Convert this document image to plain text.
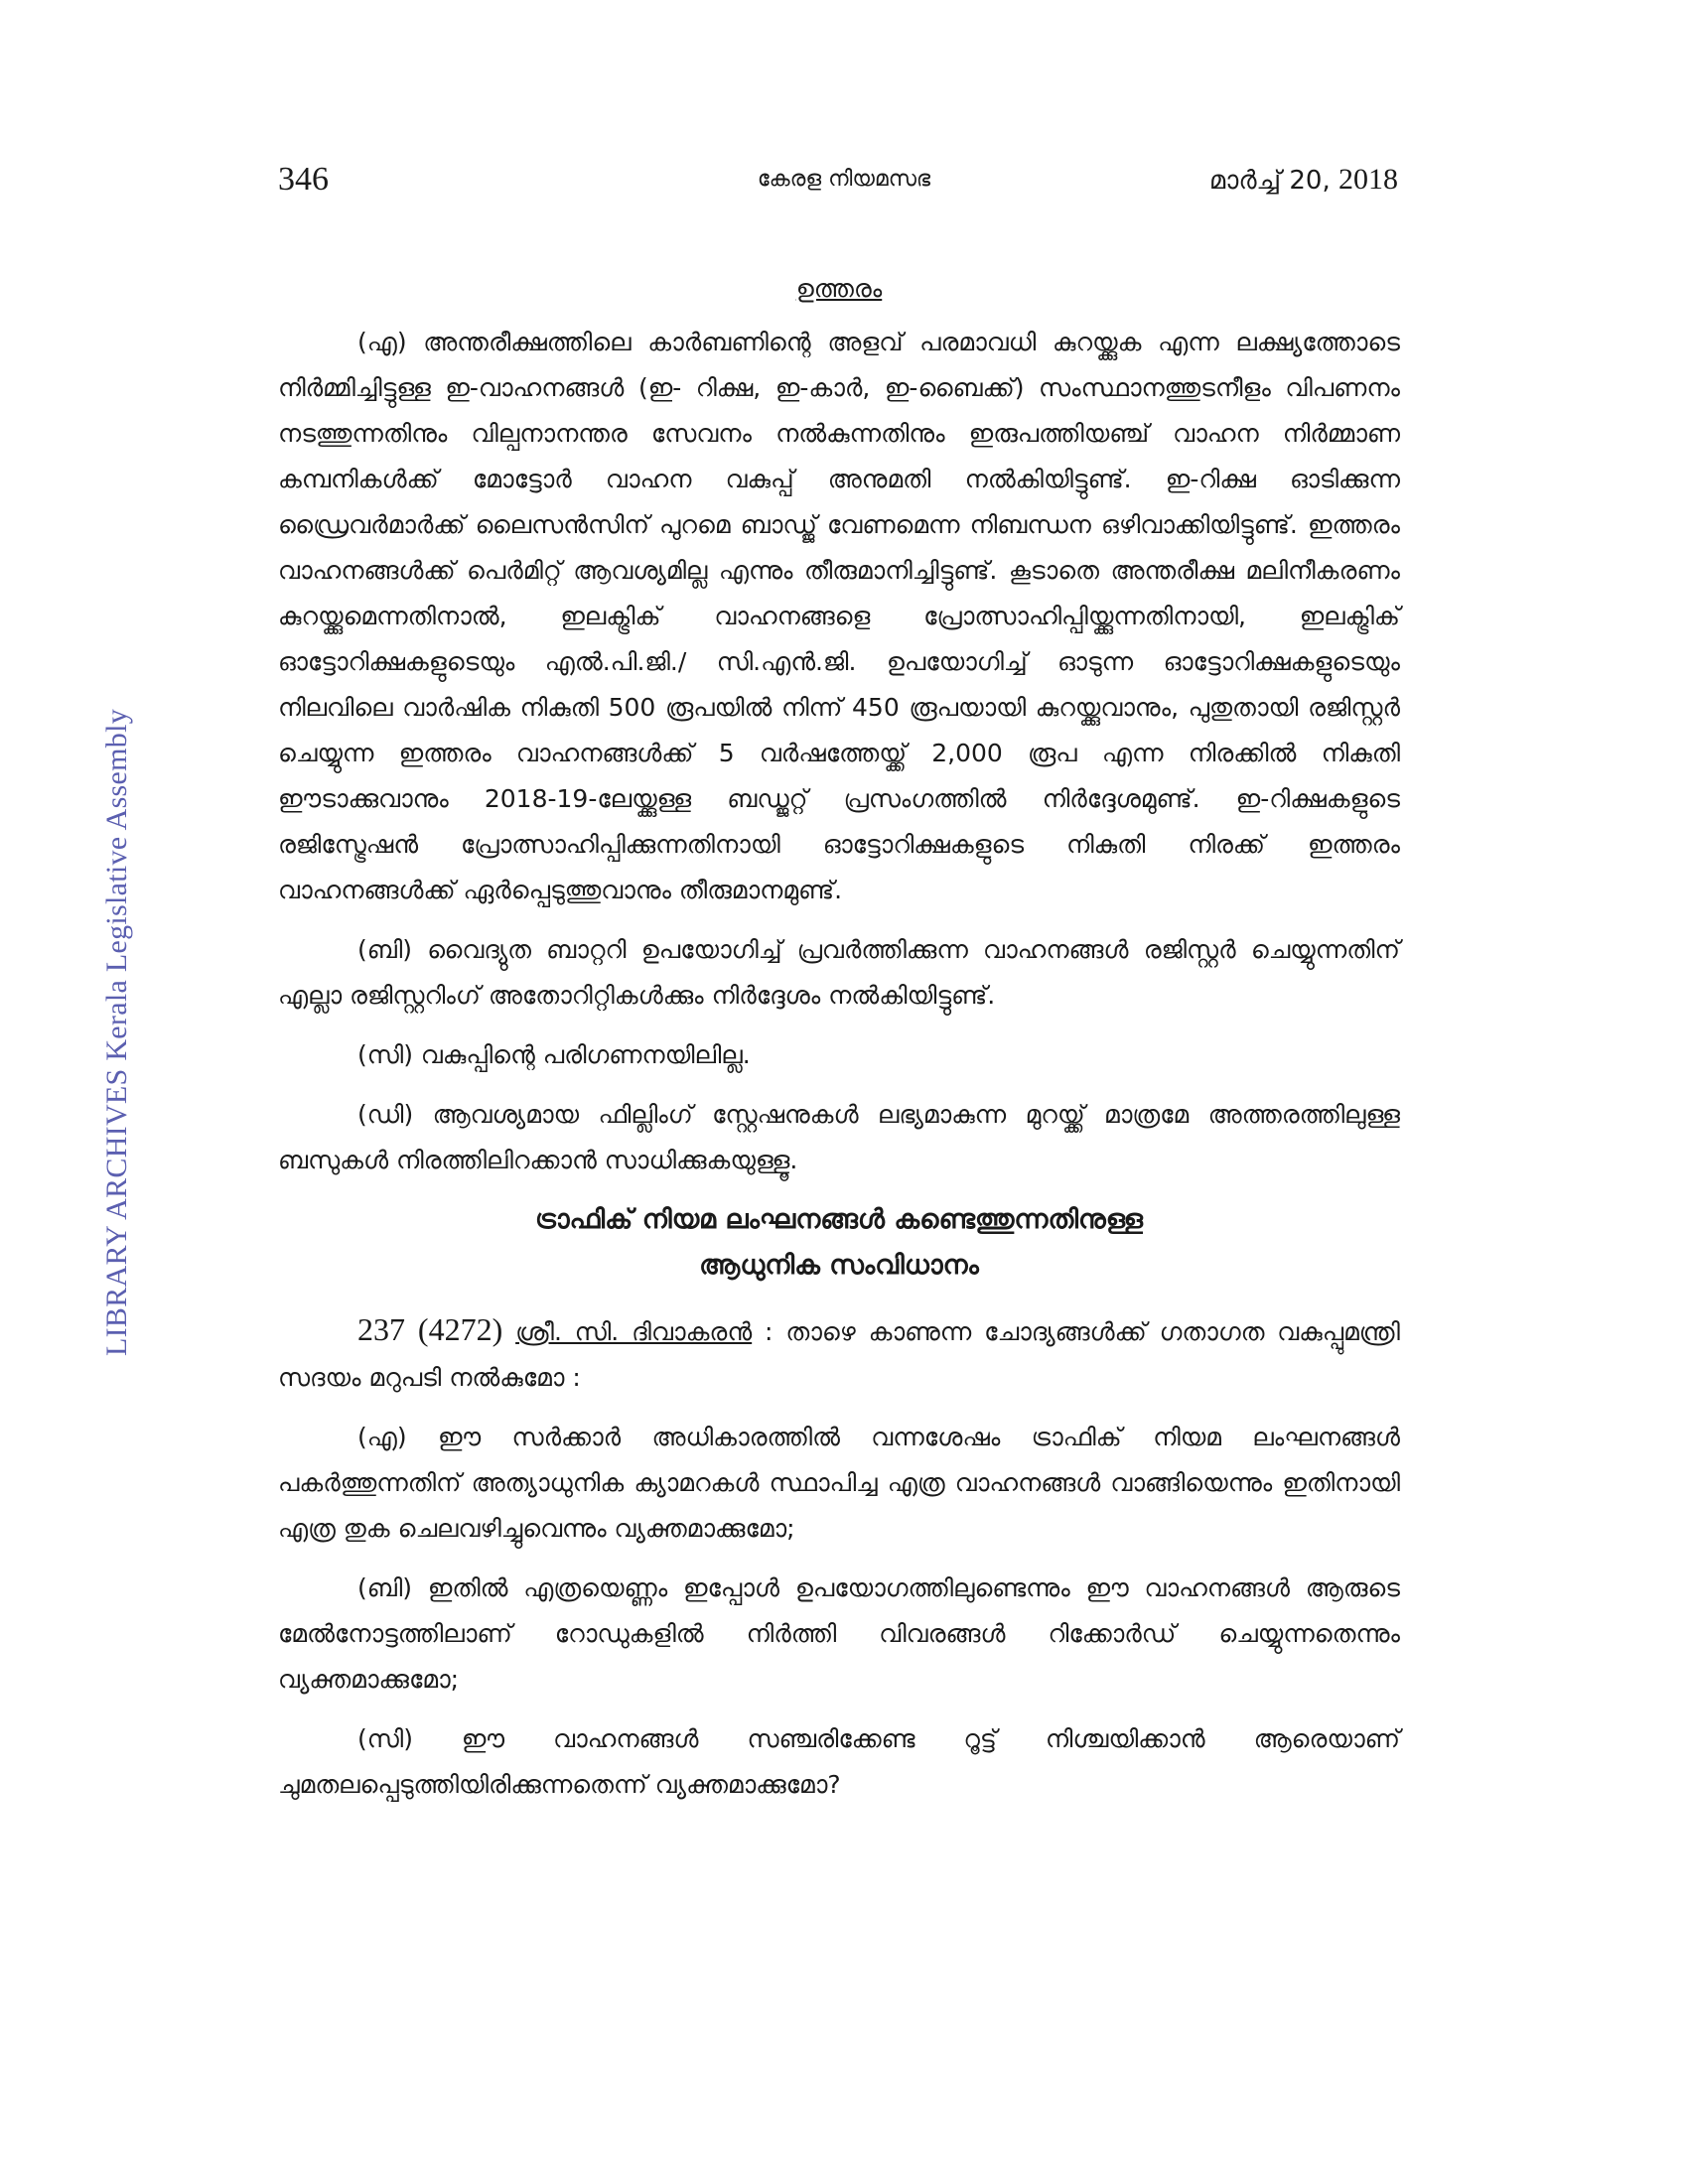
346	കേരള നിയമസഭ	മാർച്ച് 20, 2018
LIBRARY ARCHIVES Kerala Legislative Assembly
ഉത്തരം

(എ) അന്തരീക്ഷത്തിലെ കാർബണിന്റെ അളവ് പരമാവധി കുറയ്ക്കുക എന്ന ലക്ഷ്യത്തോടെ നിർമ്മിച്ചിട്ടുള്ള ഇ-വാഹനങ്ങൾ (ഇ- റിക്ഷ, ഇ-കാർ, ഇ-ബൈക്ക്) സംസ്ഥാനത്തുടനീളം വിപണനം നടത്തുന്നതിനും വില്പനാനന്തര സേവനം നൽകുന്നതിനും ഇരുപത്തിയഞ്ച് വാഹന നിർമ്മാണ കമ്പനികൾക്ക് മോട്ടോർ വാഹന വകുപ്പ് അനുമതി നൽകിയിട്ടുണ്ട്. ഇ-റിക്ഷ ഓടിക്കുന്ന ഡ്രൈവർമാർക്ക് ലൈസൻസിന് പുറമെ ബാഡ്ജ് വേണമെന്ന നിബന്ധന ഒഴിവാക്കിയിട്ടുണ്ട്. ഇത്തരം വാഹനങ്ങൾക്ക് പെർമിറ്റ് ആവശ്യമില്ല എന്നും തീരുമാനിച്ചിട്ടുണ്ട്. കൂടാതെ അന്തരീക്ഷ മലിനീകരണം കുറയ്ക്കുമെന്നതിനാൽ, ഇലക്ട്രിക് വാഹനങ്ങളെ പ്രോത്സാഹിപ്പിയ്ക്കുന്നതിനായി, ഇലക്ട്രിക് ഓട്ടോറിക്ഷകളുടെയും എൽ.പി.ജി./ സി.എൻ.ജി. ഉപയോഗിച്ച് ഓടുന്ന ഓട്ടോറിക്ഷകളുടെയും നിലവിലെ വാർഷിക നികുതി 500 രൂപയിൽ നിന്ന് 450 രൂപയായി കുറയ്ക്കുവാനും, പുതുതായി രജിസ്റ്റർ ചെയ്യുന്ന ഇത്തരം വാഹനങ്ങൾക്ക് 5 വർഷത്തേയ്ക്ക് 2,000 രൂപ എന്ന നിരക്കിൽ നികുതി ഈടാക്കുവാനും 2018-19-ലേയ്ക്കുള്ള ബഡ്ജറ്റ് പ്രസംഗത്തിൽ നിർദ്ദേശമുണ്ട്. ഇ-റിക്ഷകളുടെ രജിസ്ട്രേഷൻ പ്രോത്സാഹിപ്പിക്കുന്നതിനായി ഓട്ടോറിക്ഷകളുടെ നികുതി നിരക്ക് ഇത്തരം വാഹനങ്ങൾക്ക് ഏർപ്പെടുത്തുവാനും തീരുമാനമുണ്ട്.

(ബി) വൈദ്യുത ബാറ്ററി ഉപയോഗിച്ച് പ്രവർത്തിക്കുന്ന വാഹനങ്ങൾ രജിസ്റ്റർ ചെയ്യുന്നതിന് എല്ലാ രജിസ്റ്ററിംഗ് അതോറിറ്റികൾക്കും നിർദ്ദേശം നൽകിയിട്ടുണ്ട്.

(സി) വകുപ്പിന്റെ പരിഗണനയിലില്ല.

(ഡി) ആവശ്യമായ ഫില്ലിംഗ് സ്റ്റേഷനുകൾ ലഭ്യമാകുന്ന മുറയ്ക്ക് മാത്രമേ അത്തരത്തിലുള്ള ബസുകൾ നിരത്തിലിറക്കാൻ സാധിക്കുകയുള്ളൂ.

ട്രാഫിക് നിയമ ലംഘനങ്ങൾ കണ്ടെത്തുന്നതിനുള്ള
ആധുനിക സംവിധാനം

237 (4272) ശ്രീ. സി. ദിവാകരൻ : താഴെ കാണുന്ന ചോദ്യങ്ങൾക്ക് ഗതാഗത വകുപ്പുമന്ത്രി സദയം മറുപടി നൽകുമോ :

(എ) ഈ സർക്കാർ അധികാരത്തിൽ വന്നശേഷം ട്രാഫിക് നിയമ ലംഘനങ്ങൾ പകർത്തുന്നതിന് അത്യാധുനിക ക്യാമറകൾ സ്ഥാപിച്ച എത്ര വാഹനങ്ങൾ വാങ്ങിയെന്നും ഇതിനായി എത്ര തുക ചെലവഴിച്ചുവെന്നും വ്യക്തമാക്കുമോ;

(ബി) ഇതിൽ എത്രയെണ്ണം ഇപ്പോൾ ഉപയോഗത്തിലുണ്ടെന്നും ഈ വാഹനങ്ങൾ ആരുടെ മേൽനോട്ടത്തിലാണ് റോഡുകളിൽ നിർത്തി വിവരങ്ങൾ റിക്കോർഡ് ചെയ്യുന്നതെന്നും വ്യക്തമാക്കുമോ;

(സി) ഈ വാഹനങ്ങൾ സഞ്ചരിക്കേണ്ട റൂട്ട് നിശ്ചയിക്കാൻ ആരെയാണ് ചുമതലപ്പെടുത്തിയിരിക്കുന്നതെന്ന് വ്യക്തമാക്കുമോ?
